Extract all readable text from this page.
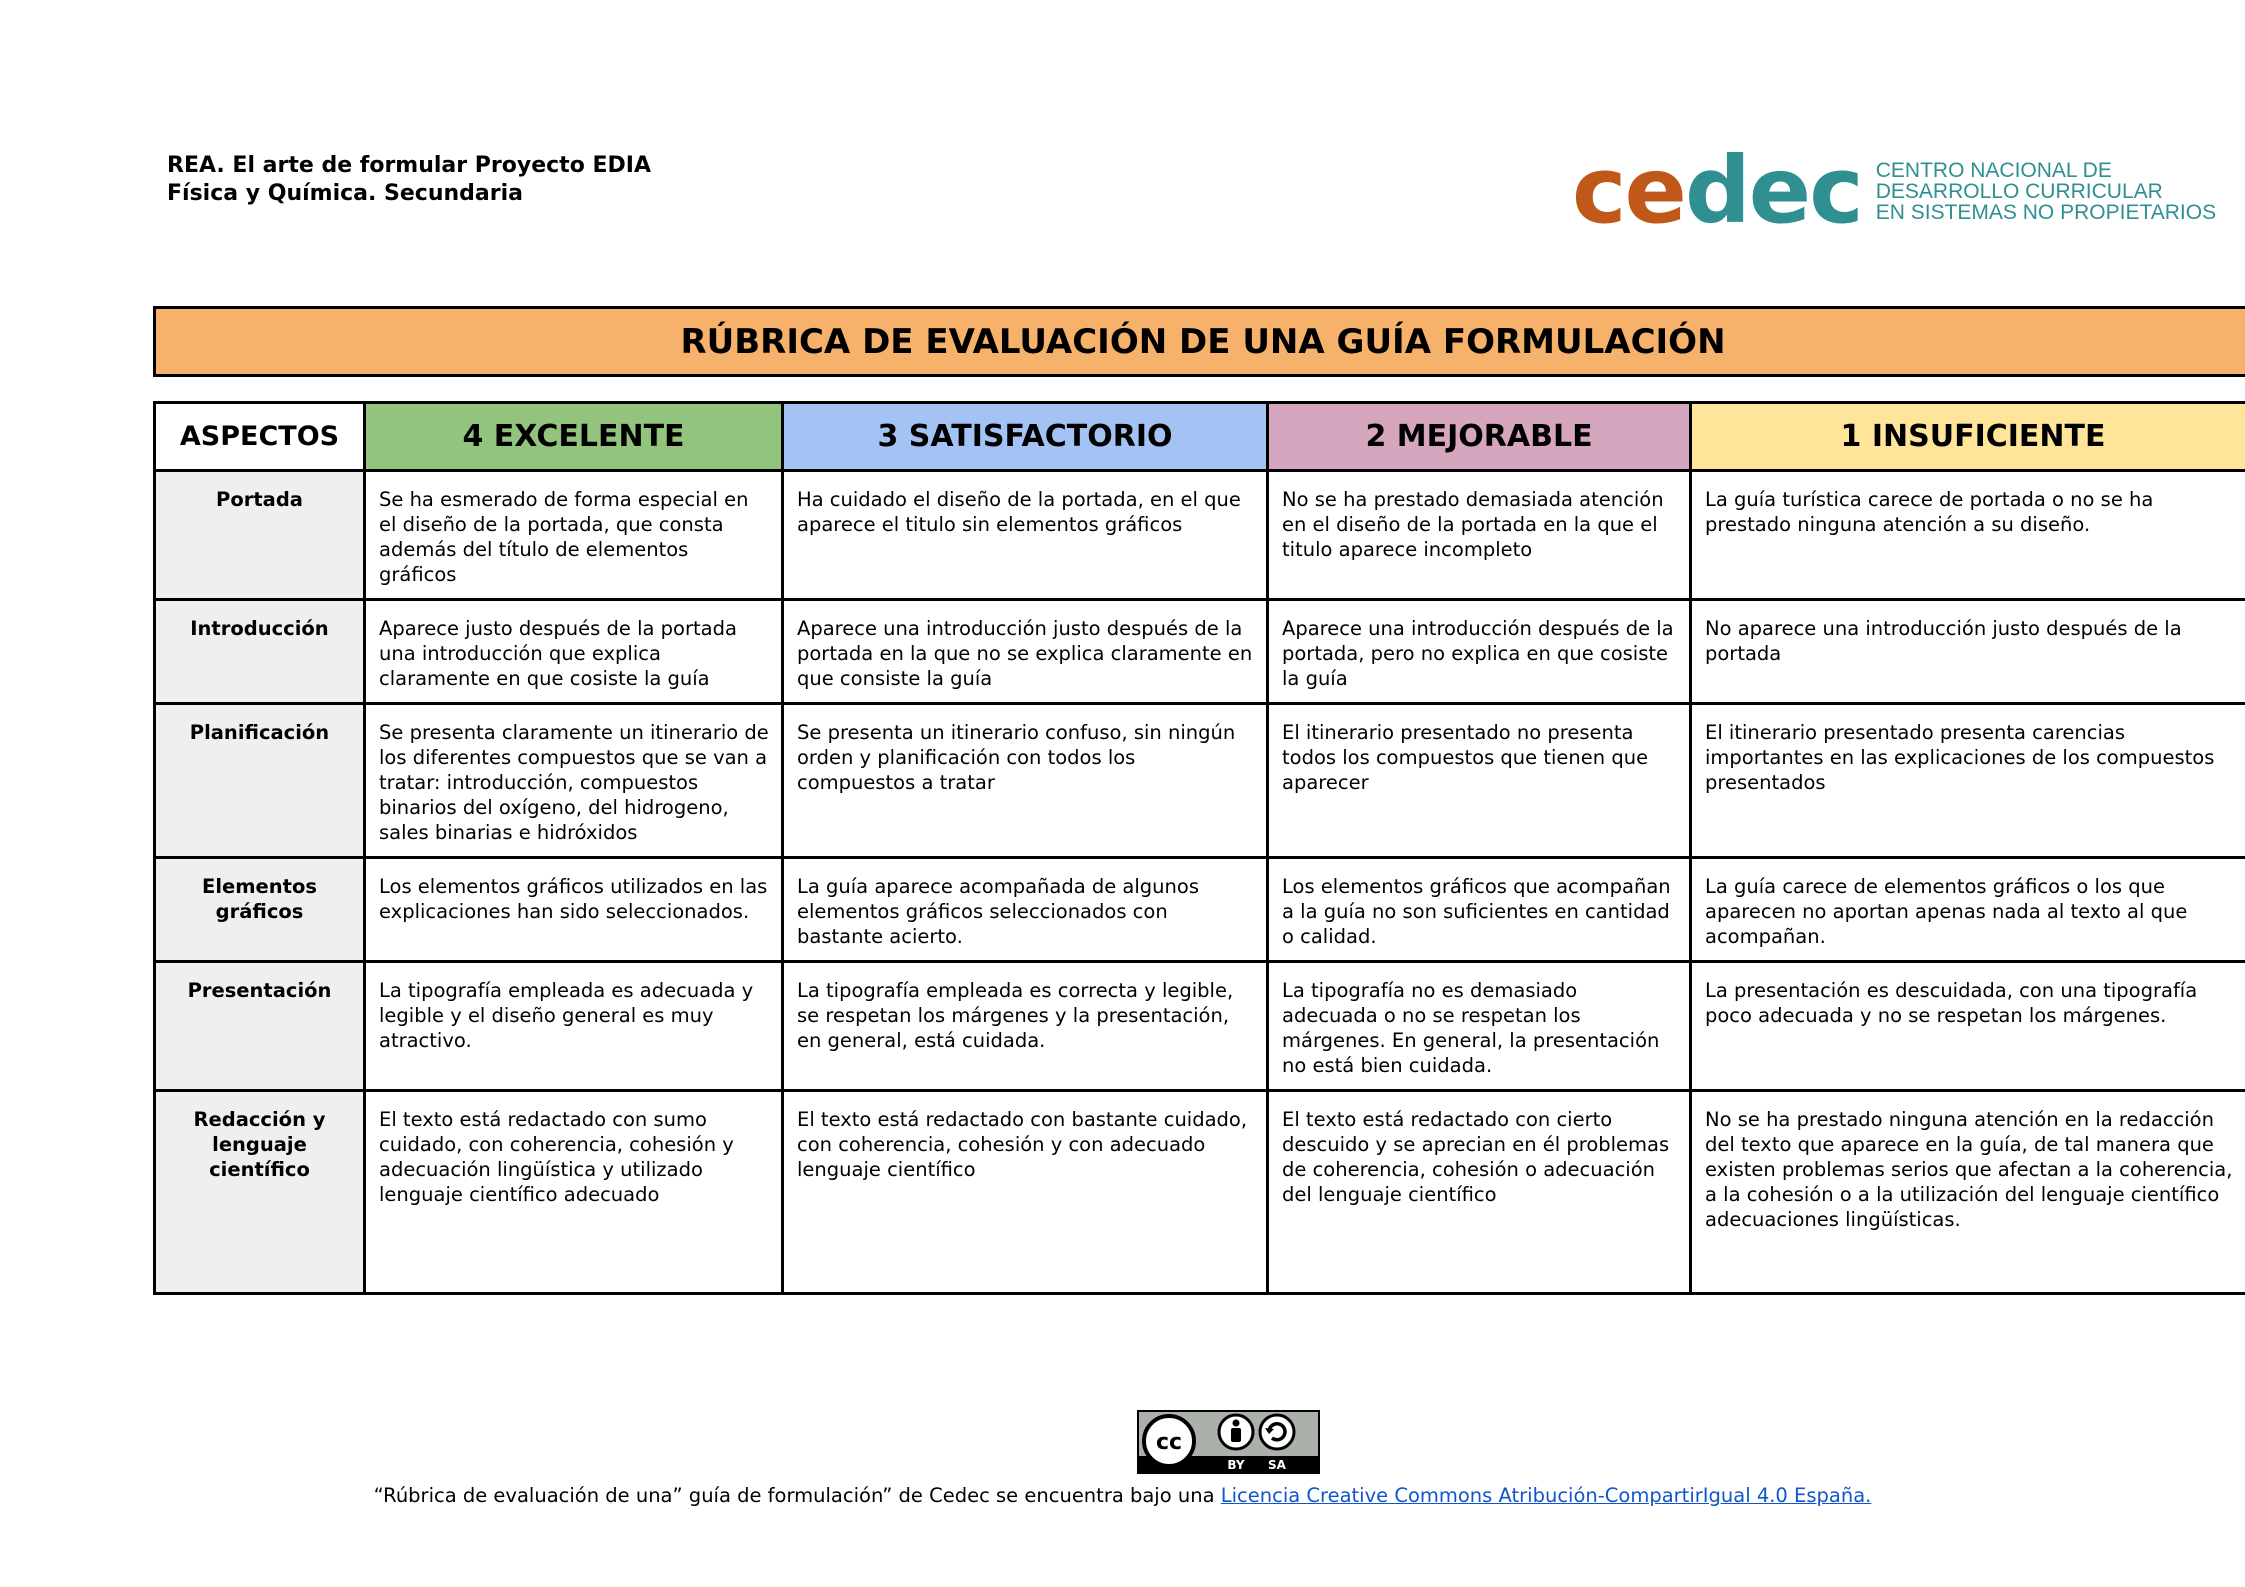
REA. El arte de formular Proyecto EDIA
Física y Química. Secundaria	cedec CENTRO NACIONAL DE
DESARROLLO CURRICULAR
EN SISTEMAS NO PROPIETARIOS
RÚBRICA DE EVALUACIÓN DE UNA GUÍA FORMULACIÓN
ASPECTOS	4 EXCELENTE	3 SATISFACTORIO	2 MEJORABLE	1 INSUFICIENTE
Portada	Se ha esmerado de forma especial en el diseño de la portada, que consta además del título de elementos gráficos	Ha cuidado el diseño de la portada, en el que aparece el titulo sin elementos gráficos	No se ha prestado demasiada atención en el diseño de la portada en la que el titulo aparece incompleto	La guía turística carece de portada o no se ha prestado ninguna atención a su diseño.
Introducción	Aparece justo después de la portada una introducción que explica claramente en que cosiste la guía	Aparece una introducción justo después de la portada en la que no se explica claramente en que consiste la guía	Aparece una introducción después de la portada, pero no explica en que cosiste la guía	No aparece una introducción justo después de la portada
Planificación	Se presenta claramente un itinerario de los diferentes compuestos que se van a tratar: introducción, compuestos binarios del oxígeno, del hidrogeno, sales binarias e hidróxidos	Se presenta un itinerario confuso, sin ningún orden y planificación con todos los compuestos a tratar	El itinerario presentado no presenta todos los compuestos que tienen que aparecer	El itinerario presentado presenta carencias importantes en las explicaciones de los compuestos presentados
Elementos gráficos	Los elementos gráficos utilizados en las explicaciones han sido seleccionados.	La guía aparece acompañada de algunos elementos gráficos seleccionados con bastante acierto.	Los elementos gráficos que acompañan a la guía no son suficientes en cantidad o calidad.	La guía carece de elementos gráficos o los que aparecen no aportan apenas nada al texto al que acompañan.
Presentación	La tipografía empleada es adecuada y legible y el diseño general es muy atractivo.	La tipografía empleada es correcta y legible, se respetan los márgenes y la presentación, en general, está cuidada.	La tipografía no es demasiado adecuada o no se respetan los márgenes. En general, la presentación no está bien cuidada.	La presentación es descuidada, con una tipografía poco adecuada y no se respetan los márgenes.
Redacción y lenguaje científico	El texto está redactado con sumo cuidado, con coherencia, cohesión y adecuación lingüística y utilizado lenguaje científico adecuado	El texto está redactado con bastante cuidado, con coherencia, cohesión y con adecuado lenguaje científico	El texto está redactado con cierto descuido y se aprecian en él problemas de coherencia, cohesión o adecuación del lenguaje científico	No se ha prestado ninguna atención en la redacción del texto que aparece en la guía, de tal manera que existen problemas serios que afectan a la coherencia, a la cohesión o a la utilización del lenguaje científico adecuaciones lingüísticas.
cc
BY SA
“Rúbrica de evaluación de una” guía de formulación” de Cedec se encuentra bajo una Licencia Creative Commons Atribución-CompartirIgual 4.0 España.
